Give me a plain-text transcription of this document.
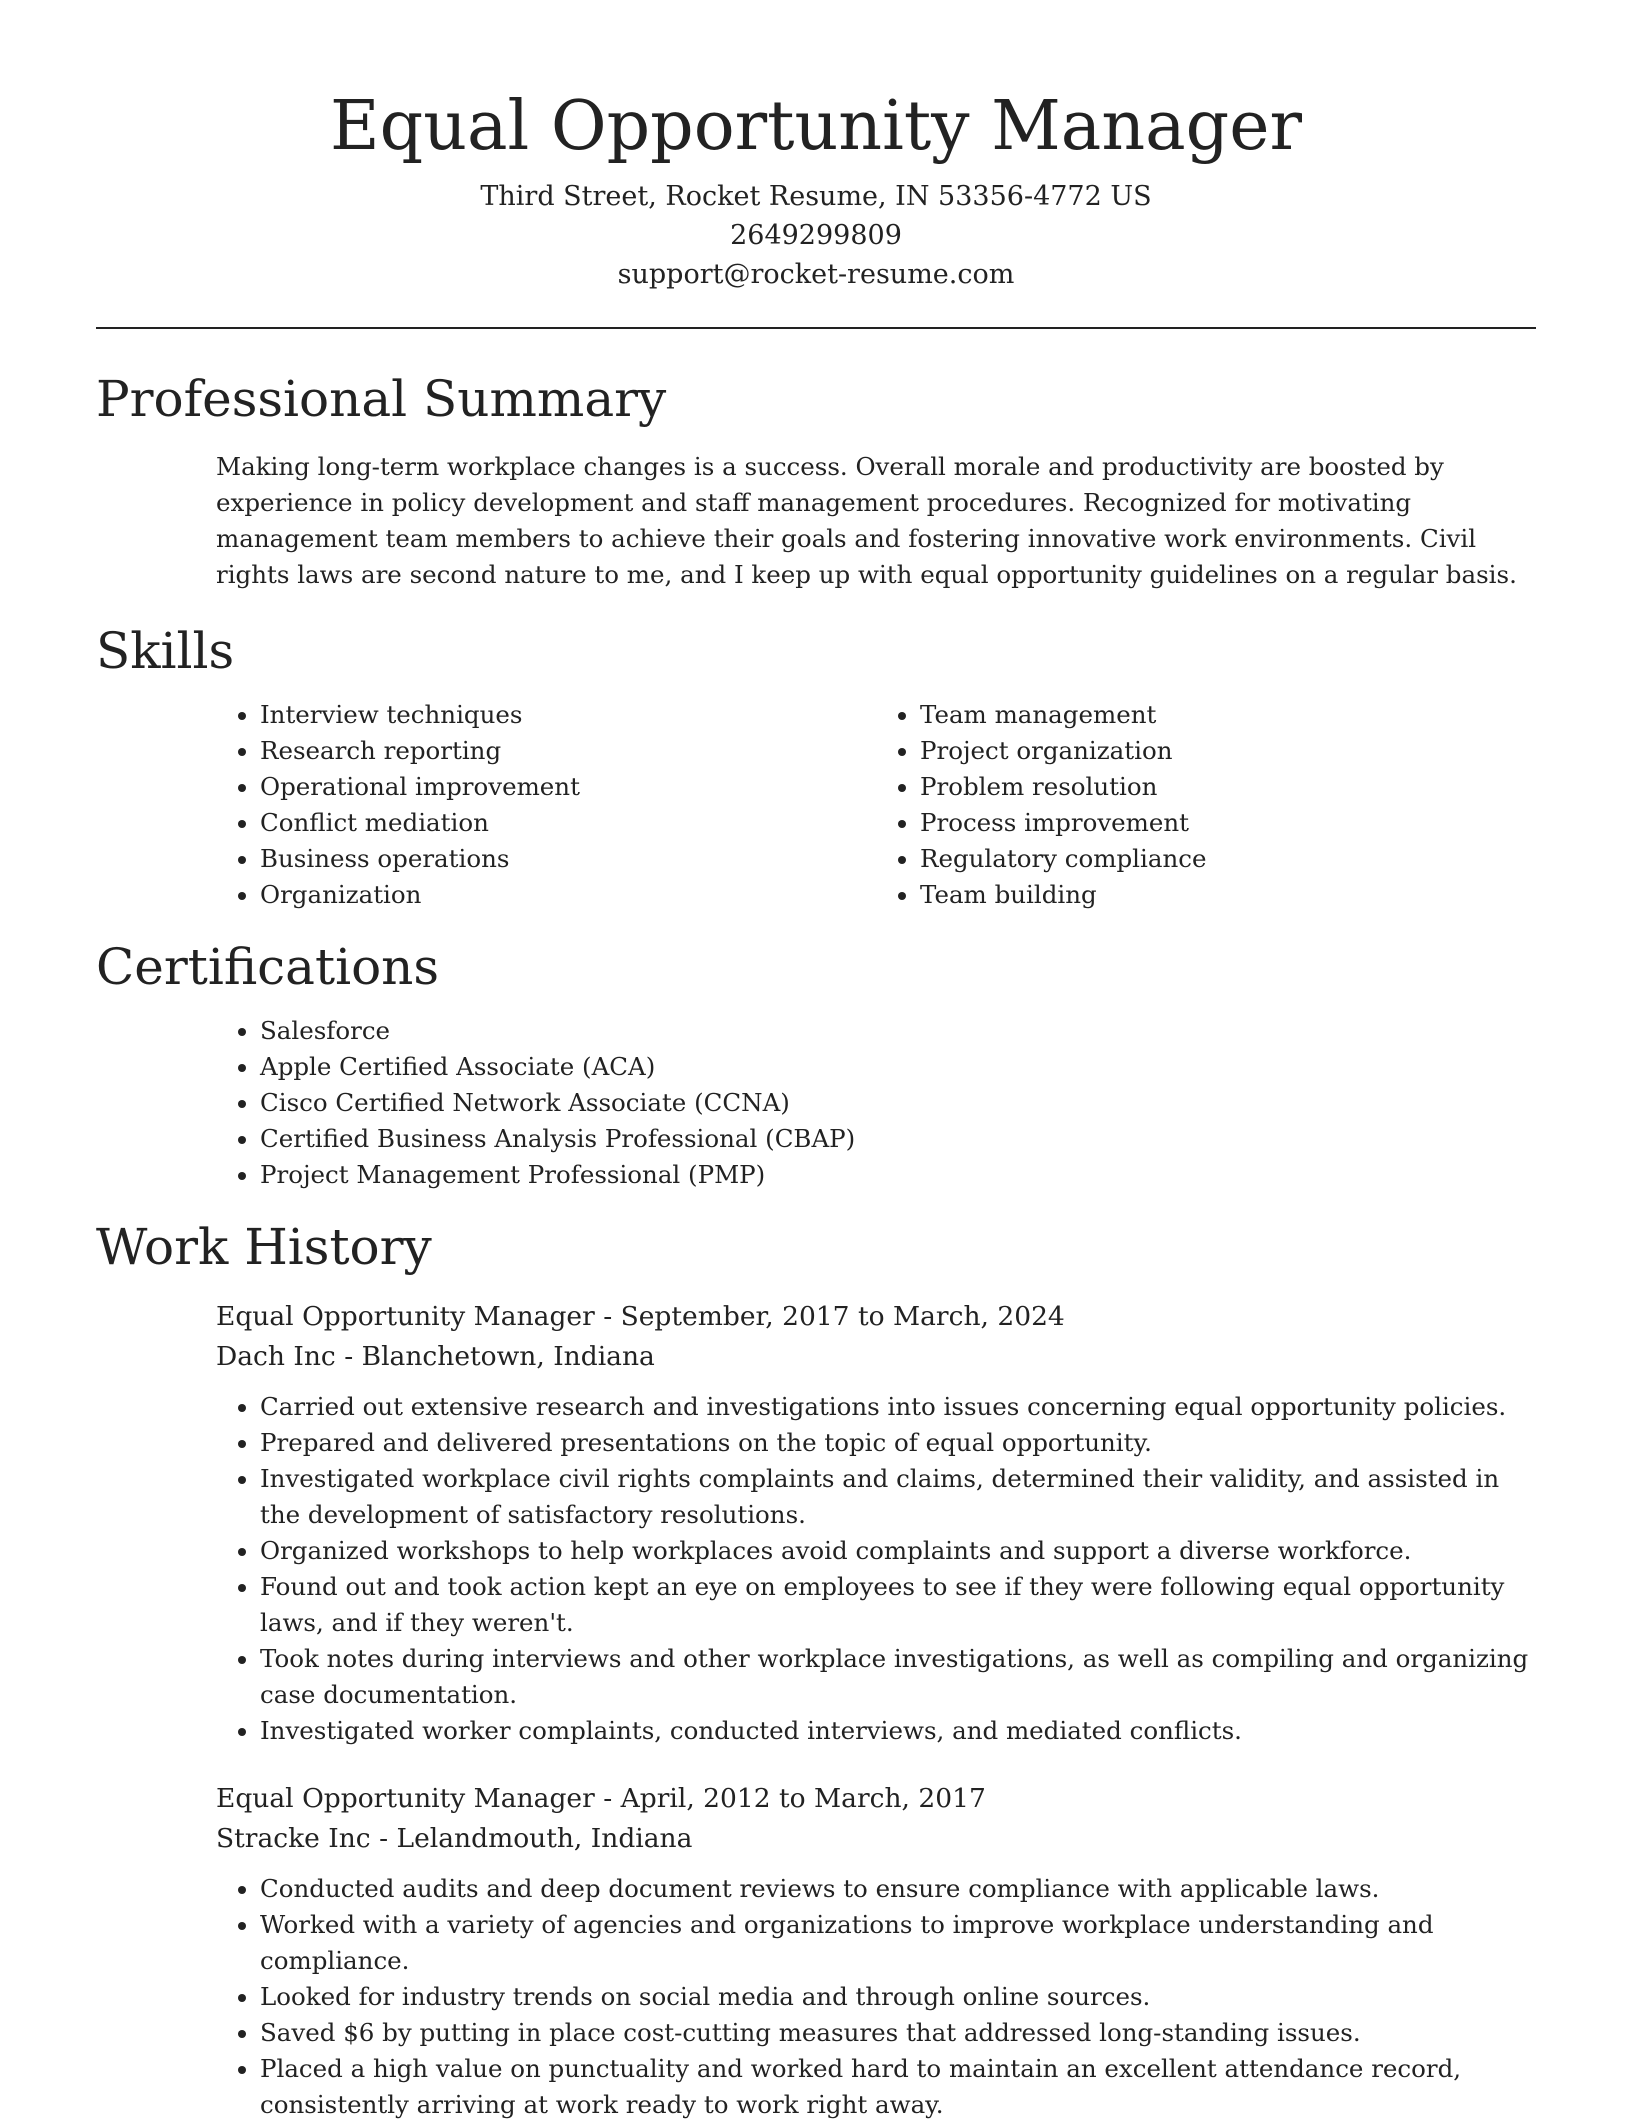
Equal Opportunity Manager
Third Street, Rocket Resume, IN 53356-4772 US
2649299809
support@rocket-resume.com
Professional Summary

Making long-term workplace changes is a success. Overall morale and productivity are boosted by experience in policy development and staff management procedures. Recognized for motivating management team members to achieve their goals and fostering innovative work environments. Civil rights laws are second nature to me, and I keep up with equal opportunity guidelines on a regular basis.

Skills
• Interview techniques
• Research reporting
• Operational improvement
• Conflict mediation
• Business operations
• Organization
• Team management
• Project organization
• Problem resolution
• Process improvement
• Regulatory compliance
• Team building
Certifications
• Salesforce
• Apple Certified Associate (ACA)
• Cisco Certified Network Associate (CCNA)
• Certified Business Analysis Professional (CBAP)
• Project Management Professional (PMP)
Work History
Equal Opportunity Manager - September, 2017 to March, 2024
Dach Inc - Blanchetown, Indiana
• Carried out extensive research and investigations into issues concerning equal opportunity policies.
• Prepared and delivered presentations on the topic of equal opportunity.
• Investigated workplace civil rights complaints and claims, determined their validity, and assisted in the development of satisfactory resolutions.
• Organized workshops to help workplaces avoid complaints and support a diverse workforce.
• Found out and took action kept an eye on employees to see if they were following equal opportunity laws, and if they weren't.
• Took notes during interviews and other workplace investigations, as well as compiling and organizing case documentation.
• Investigated worker complaints, conducted interviews, and mediated conflicts.
Equal Opportunity Manager - April, 2012 to March, 2017
Stracke Inc - Lelandmouth, Indiana
• Conducted audits and deep document reviews to ensure compliance with applicable laws.
• Worked with a variety of agencies and organizations to improve workplace understanding and compliance.
• Looked for industry trends on social media and through online sources.
• Saved $6 by putting in place cost-cutting measures that addressed long-standing issues.
• Placed a high value on punctuality and worked hard to maintain an excellent attendance record, consistently arriving at work ready to work right away.
